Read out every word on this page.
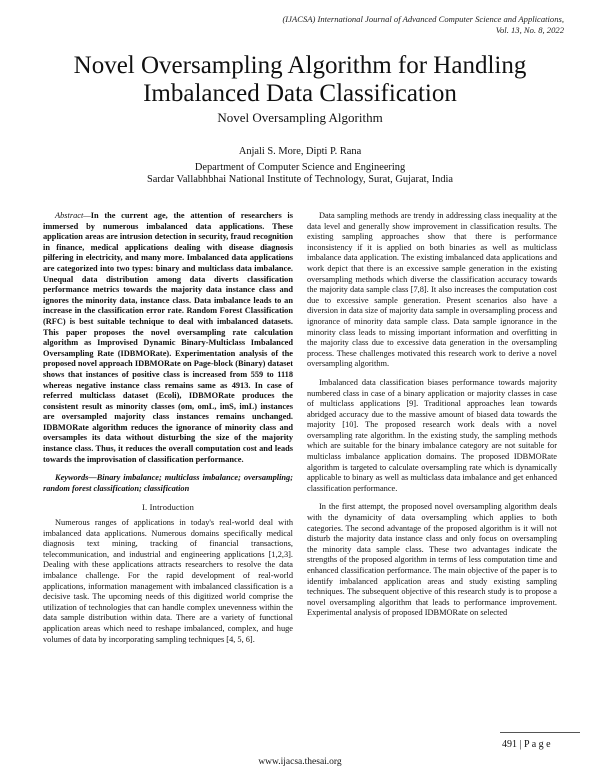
(IJACSA) International Journal of Advanced Computer Science and Applications,
Vol. 13, No. 8, 2022
Novel Oversampling Algorithm for Handling
Imbalanced Data Classification
Novel Oversampling Algorithm
Anjali S. More, Dipti P. Rana
Department of Computer Science and Engineering
Sardar Vallabhbhai National Institute of Technology, Surat, Gujarat, India

Abstract—In the current age, the attention of researchers is immersed by numerous imbalanced data applications. These application areas are intrusion detection in security, fraud recognition in finance, medical applications dealing with disease diagnosis pilfering in electricity, and many more. Imbalanced data applications are categorized into two types: binary and multiclass data imbalance. Unequal data distribution among data diverts classification performance metrics towards the majority data instance class and ignores the minority data, instance class. Data imbalance leads to an increase in the classification error rate. Random Forest Classification (RFC) is best suitable technique to deal with imbalanced datasets. This paper proposes the novel oversampling rate calculation algorithm as Improvised Dynamic Binary-Multiclass Imbalanced Oversampling Rate (IDBMORate). Experimentation analysis of the proposed novel approach IDBMORate on Page-block (Binary) dataset shows that instances of positive class is increased from 559 to 1118 whereas negative instance class remains same as 4913. In case of referred multiclass dataset (Ecoli), IDBMORate produces the consistent result as minority classes (om, omL, imS, imL) instances are oversampled majority class instances remains unchanged. IDBMORate algorithm reduces the ignorance of minority class and oversamples its data without disturbing the size of the majority instance class. Thus, it reduces the overall computation cost and leads towards the improvisation of classification performance.

Keywords—Binary imbalance; multiclass imbalance; oversampling; random forest classification; classification

I. Introduction

Numerous ranges of applications in today's real-world deal with imbalanced data applications. Numerous domains specifically medical diagnosis text mining, tracking of financial transactions, telecommunication, and industrial and engineering applications [1,2,3]. Dealing with these applications attracts researchers to resolve the data imbalance challenge. For the rapid development of real-world applications, information management with imbalanced classification is a decisive task. The upcoming needs of this digitized world comprise the utilization of technologies that can handle complex unevenness within the data sample distribution within data. There are a variety of functional application areas which need to reshape imbalanced, complex, and huge volumes of data by incorporating sampling techniques [4, 5, 6].

Data sampling methods are trendy in addressing class inequality at the data level and generally show improvement in classification results. The existing sampling approaches show that there is performance inconsistency if it is applied on both binaries as well as multiclass imbalance data application. The existing imbalanced data applications and work depict that there is an excessive sample generation in the existing oversampling methods which diverse the classification accuracy towards the majority data sample class [7,8]. It also increases the computation cost due to excessive sample generation. Present scenarios also have a diversion in data size of majority data sample in oversampling process and ignorance of minority data sample class. Data sample ignorance in the minority class leads to missing important information and overfitting in the majority class due to excessive data generation in the oversampling process. These challenges motivated this research work to derive a novel oversampling algorithm.

Imbalanced data classification biases performance towards majority numbered class in case of a binary application or majority classes in case of multiclass applications [9]. Traditional approaches lean towards abridged accuracy due to the massive amount of biased data towards the majority [10]. The proposed research work deals with a novel oversampling rate algorithm. In the existing study, the sampling methods which are suitable for the binary imbalance category are not suitable for multiclass imbalance application domains. The proposed IDBMORate algorithm is targeted to calculate oversampling rate which is dynamically applicable to binary as well as multiclass data imbalance and get enhanced classification performance.

In the first attempt, the proposed novel oversampling algorithm deals with the dynamicity of data oversampling which applies to both categories. The second advantage of the proposed algorithm is it will not disturb the majority data instance class and only focus on oversampling the minority data sample class. These two advantages indicate the strengths of the proposed algorithm in terms of less computation time and enhanced classification performance. The main objective of the paper is to identify imbalanced application areas and study existing sampling techniques. The subsequent objective of this research study is to propose a novel oversampling algorithm that leads to performance improvement. Experimental analysis of proposed IDBMORate on selected

491 | P a g e
www.ijacsa.thesai.org
